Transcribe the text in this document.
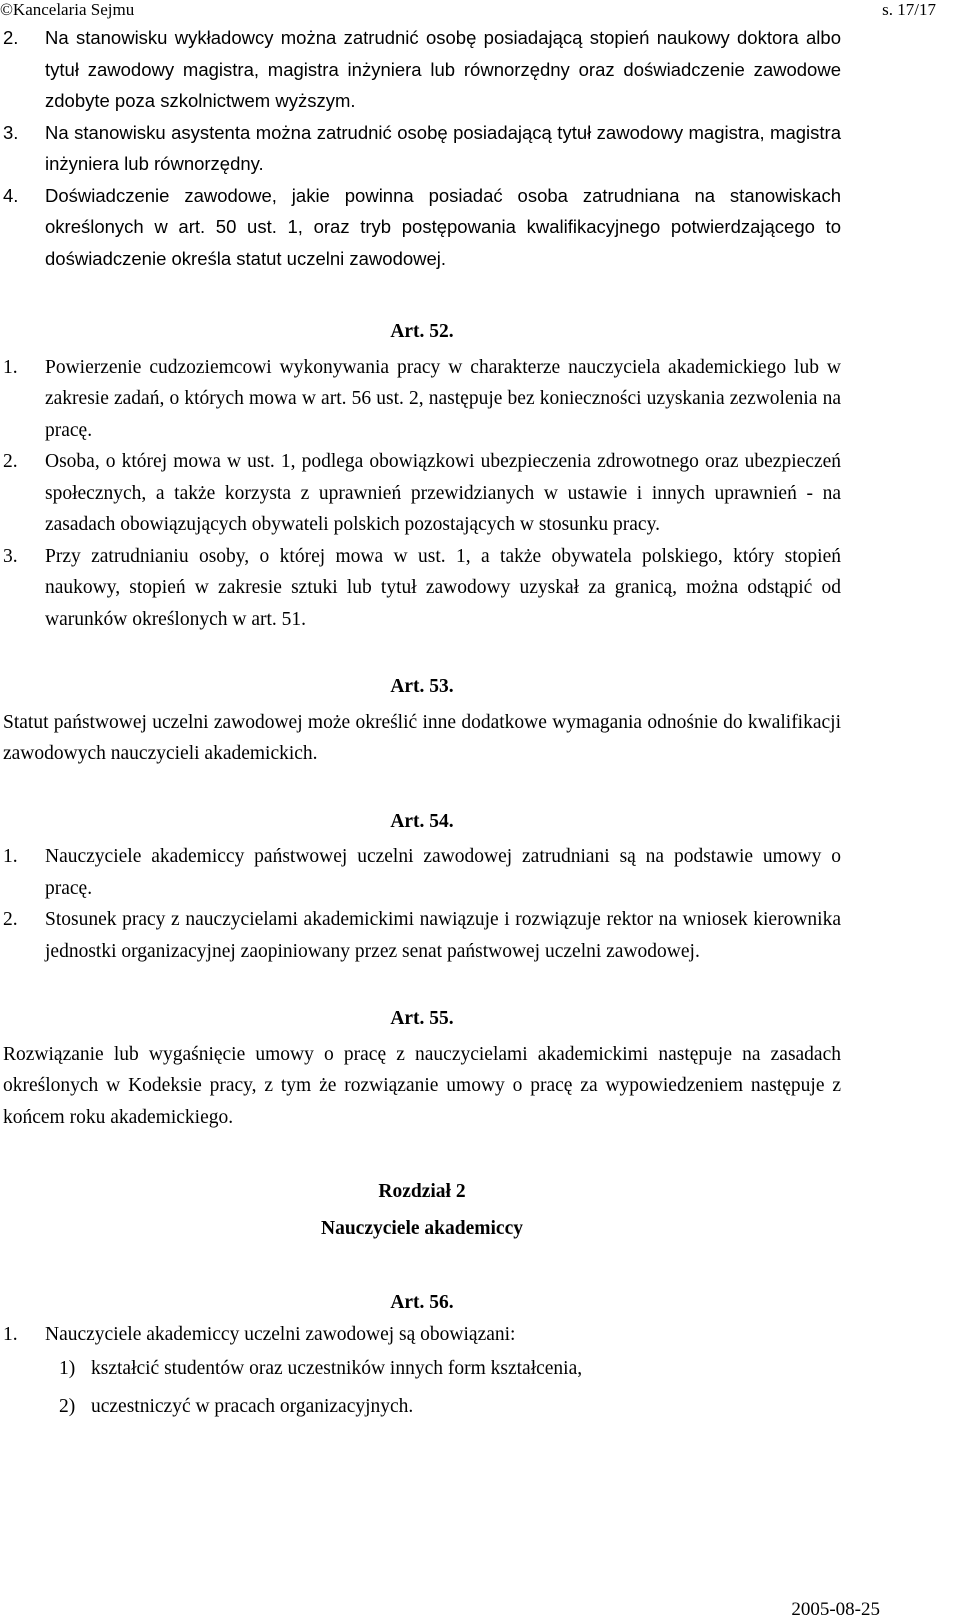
©Kancelaria Sejmu	s. 17/17
2. Na stanowisku wykładowcy można zatrudnić osobę posiadającą stopień naukowy doktora albo tytuł zawodowy magistra, magistra inżyniera lub równorzędny oraz doświadczenie zawodowe zdobyte poza szkolnictwem wyższym.
3. Na stanowisku asystenta można zatrudnić osobę posiadającą tytuł zawodowy magistra, magistra inżyniera lub równorzędny.
4. Doświadczenie zawodowe, jakie powinna posiadać osoba zatrudniana na stanowiskach określonych w art. 50 ust. 1, oraz tryb postępowania kwalifikacyjnego potwierdzającego to doświadczenie określa statut uczelni zawodowej.
Art. 52.
1. Powierzenie cudzoziemcowi wykonywania pracy w charakterze nauczyciela akademickiego lub w zakresie zadań, o których mowa w art. 56 ust. 2, następuje bez konieczności uzyskania zezwolenia na pracę.
2. Osoba, o której mowa w ust. 1, podlega obowiązkowi ubezpieczenia zdrowotnego oraz ubezpieczeń społecznych, a także korzysta z uprawnień przewidzianych w ustawie i innych uprawnień - na zasadach obowiązujących obywateli polskich pozostających w stosunku pracy.
3. Przy zatrudnianiu osoby, o której mowa w ust. 1, a także obywatela polskiego, który stopień naukowy, stopień w zakresie sztuki lub tytuł zawodowy uzyskał za granicą, można odstąpić od warunków określonych w art. 51.
Art. 53.
Statut państwowej uczelni zawodowej może określić inne dodatkowe wymagania odnośnie do kwalifikacji zawodowych nauczycieli akademickich.
Art. 54.
1. Nauczyciele akademiccy państwowej uczelni zawodowej zatrudniani są na podstawie umowy o pracę.
2. Stosunek pracy z nauczycielami akademickimi nawiązuje i rozwiązuje rektor na wniosek kierownika jednostki organizacyjnej zaopiniowany przez senat państwowej uczelni zawodowej.
Art. 55.
Rozwiązanie lub wygaśnięcie umowy o pracę z nauczycielami akademickimi następuje na zasadach określonych w Kodeksie pracy, z tym że rozwiązanie umowy o pracę za wypowiedzeniem następuje z końcem roku akademickiego.
Rozdział 2
Nauczyciele akademiccy
Art. 56.
1. Nauczyciele akademiccy uczelni zawodowej są obowiązani:
1) kształcić studentów oraz uczestników innych form kształcenia,
2) uczestniczyć w pracach organizacyjnych.
2005-08-25
